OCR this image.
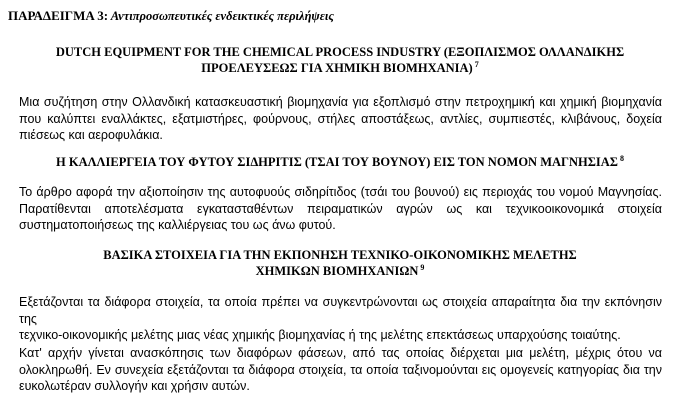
ΠΑΡΑΔΕΙΓΜΑ 3: Αντιπροσωπευτικές ενδεικτικές περιλήψεις
DUTCH EQUIPMENT FOR THE CHEMICAL PROCESS INDUSTRY (ΕΞΟΠΛΙΣΜΟΣ ΟΛΛΑΝΔΙΚΗΣ
ΠΡΟΕΛΕΥΣΕΩΣ ΓΙΑ ΧΗΜΙΚΗ ΒΙΟΜΗΧΑΝΙΑ) $^7$
Μια συζήτηση στην Ολλανδική κατασκευαστική βιομηχανία για εξοπλισμό στην πετροχημική και χημική βιομηχανία
που καλύπτει εναλλάκτες, εξατμιστήρες, φούρνους, στήλες αποστάξεως, αντλίες, συμπιεστές, κλιβάνους, δοχεία
πιέσεως και αεροφυλάκια.
Η ΚΑΛΛΙΕΡΓΕΙΑ ΤΟΥ ΦΥΤΟΥ ΣΙΔΗΡΙΤΙΣ (ΤΣΑΙ ΤΟΥ ΒΟΥΝΟΥ) ΕΙΣ ΤΟΝ ΝΟΜΟΝ ΜΑΓΝΗΣΙΑΣ $^8$
Το άρθρο αφορά την αξιοποίησιν της αυτοφυούς σιδηρίτιδος (τσάι του βουνού) εις περιοχάς του νομού Μαγνησίας.
Παρατίθενται αποτελέσματα εγκατασταθέντων πειραματικών αγρών ως και τεχνικοοικονομικά στοιχεία
συστηματοποιήσεως της καλλιέργειας του ως άνω φυτού.
ΒΑΣΙΚΑ ΣΤΟΙΧΕΙΑ ΓΙΑ ΤΗΝ ΕΚΠΟΝΗΣΗ ΤΕΧΝΙΚΟ-ΟΙΚΟΝΟΜΙΚΗΣ ΜΕΛΕΤΗΣ
ΧΗΜΙΚΩΝ ΒΙΟΜΗΧΑΝΙΩΝ $^9$
Εξετάζονται τα διάφορα στοιχεία, τα οποία πρέπει να συγκεντρώνονται ως στοιχεία απαραίτητα δια την εκπόνησιν της
τεχνικο-οικονομικής μελέτης μιας νέας χημικής βιομηχανίας ή της μελέτης επεκτάσεως υπαρχούσης τοιαύτης.
Κατ' αρχήν γίνεται ανασκόπησις των διαφόρων φάσεων, από τας οποίας διέρχεται μια μελέτη, μέχρις ότου να
ολοκληρωθή. Εν συνεχεία εξετάζονται τα διάφορα στοιχεία, τα οποία ταξινομούνται εις ομογενείς κατηγορίας δια την
ευκολωτέραν συλλογήν και χρήσιν αυτών.
